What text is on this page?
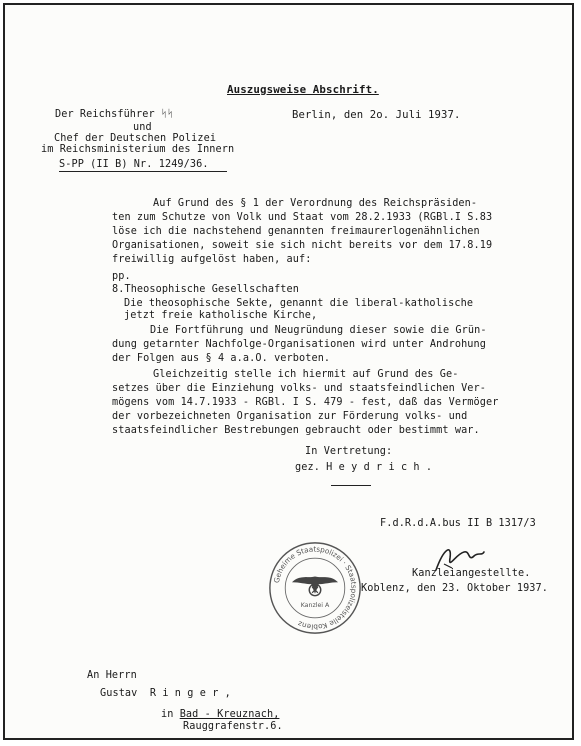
Auszugsweise Abschrift.
Der Reichsführer ᛋᛋ
und
Chef der Deutschen Polizei
im Reichsministerium des Innern
S-PP (II B) Nr. 1249/36.
Berlin, den 2o. Juli 1937.
Auf Grund des § 1 der Verordnung des Reichspräsiden-
ten zum Schutze von Volk und Staat vom 28.2.1933 (RGBl.I S.83
löse ich die nachstehend genannten freimaurerlogenähnlichen
Organisationen, soweit sie sich nicht bereits vor dem 17.8.19
freiwillig aufgelöst haben, auf:
pp.
8.Theosophische Gesellschaften
Die theosophische Sekte, genannt die liberal-katholische
jetzt freie katholische Kirche,
Die Fortführung und Neugründung dieser sowie die Grün-
dung getarnter Nachfolge-Organisationen wird unter Androhung
der Folgen aus § 4 a.a.O. verboten.
Gleichzeitig stelle ich hiermit auf Grund des Ge-
setzes über die Einziehung volks- und staatsfeindlichen Ver-
mögens vom 14.7.1933 - RGBl. I S. 479 - fest, daß das Vermöger
der vorbezeichneten Organisation zur Förderung volks- und
staatsfeindlicher Bestrebungen gebraucht oder bestimmt war.
In Vertretung:
gez. H e y d r i c h .
F.d.R.d.A.bus II B 1317/3
Kanzleiangestellte.
Koblenz, den 23. Oktober 1937.
Geheime Staatspolizei · Staatspolizeistelle Koblenz
Kanzlei A
An Herrn
Gustav  R i n g e r ,
in Bad - Kreuznach,
Rauggrafenstr.6.
